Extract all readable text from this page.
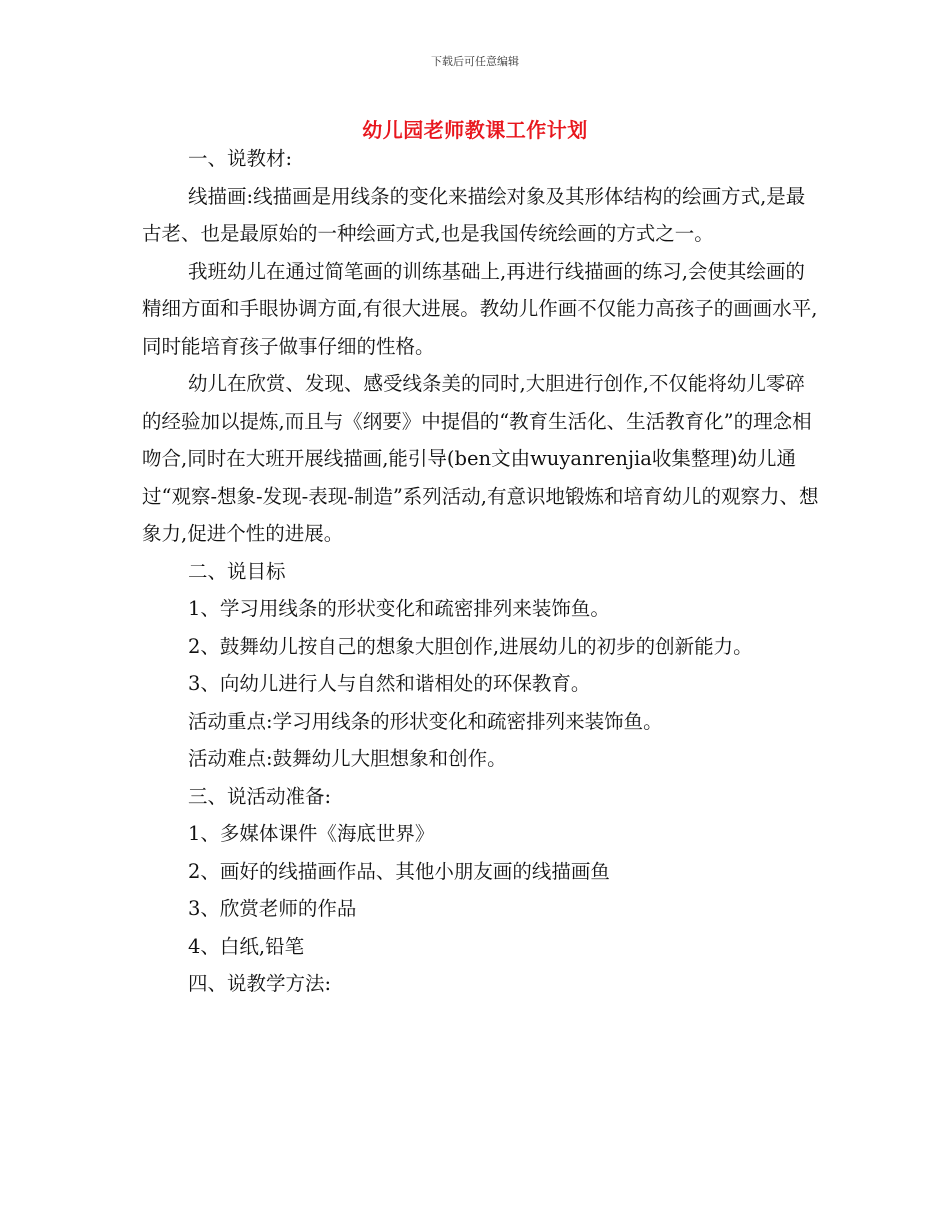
下载后可任意编辑
幼儿园老师教课工作计划

一、说教材:

线描画:线描画是用线条的变化来描绘对象及其形体结构的绘画方式,是最古老、也是最原始的一种绘画方式,也是我国传统绘画的方式之一。

我班幼儿在通过简笔画的训练基础上,再进行线描画的练习,会使其绘画的精细方面和手眼协调方面,有很大进展。教幼儿作画不仅能力高孩子的画画水平,同时能培育孩子做事仔细的性格。

幼儿在欣赏、发现、感受线条美的同时,大胆进行创作,不仅能将幼儿零碎的经验加以提炼,而且与《纲要》中提倡的“教育生活化、生活教育化”的理念相吻合,同时在大班开展线描画,能引导(ben文由wuyanrenjia收集整理)幼儿通过“观察-想象-发现-表现-制造”系列活动,有意识地锻炼和培育幼儿的观察力、想象力,促进个性的进展。

二、说目标

1、学习用线条的形状变化和疏密排列来装饰鱼。

2、鼓舞幼儿按自己的想象大胆创作,进展幼儿的初步的创新能力。

3、向幼儿进行人与自然和谐相处的环保教育。

活动重点:学习用线条的形状变化和疏密排列来装饰鱼。

活动难点:鼓舞幼儿大胆想象和创作。

三、说活动准备:

1、多媒体课件《海底世界》

2、画好的线描画作品、其他小朋友画的线描画鱼

3、欣赏老师的作品

4、白纸,铅笔

四、说教学方法:
